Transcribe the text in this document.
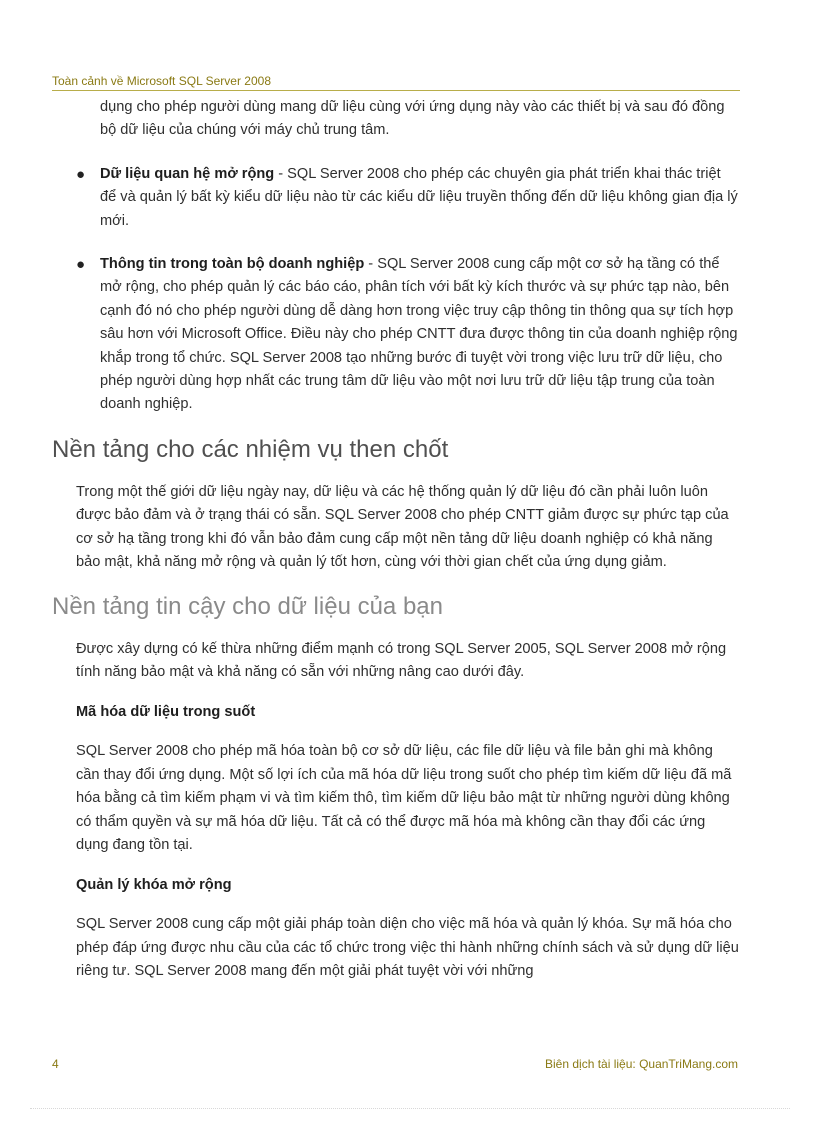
Toàn cảnh về Microsoft SQL Server 2008

dụng cho phép người dùng mang dữ liệu cùng với ứng dụng này vào các thiết bị và sau đó đồng bộ dữ liệu của chúng với máy chủ trung tâm.

● Dữ liệu quan hệ mở rộng - SQL Server 2008 cho phép các chuyên gia phát triển khai thác triệt để và quản lý bất kỳ kiểu dữ liệu nào từ các kiểu dữ liệu truyền thống đến dữ liệu không gian địa lý mới.

● Thông tin trong toàn bộ doanh nghiệp - SQL Server 2008 cung cấp một cơ sở hạ tầng có thể mở rộng, cho phép quản lý các báo cáo, phân tích với bất kỳ kích thước và sự phức tạp nào, bên cạnh đó nó cho phép người dùng dễ dàng hơn trong việc truy cập thông tin thông qua sự tích hợp sâu hơn với Microsoft Office. Điều này cho phép CNTT đưa được thông tin của doanh nghiệp rộng khắp trong tổ chức. SQL Server 2008 tạo những bước đi tuyệt vời trong việc lưu trữ dữ liệu, cho phép người dùng hợp nhất các trung tâm dữ liệu vào một nơi lưu trữ dữ liệu tập trung của toàn doanh nghiệp.

Nền tảng cho các nhiệm vụ then chốt

Trong một thế giới dữ liệu ngày nay, dữ liệu và các hệ thống quản lý dữ liệu đó cần phải luôn luôn được bảo đảm và ở trạng thái có sẵn. SQL Server 2008 cho phép CNTT giảm được sự phức tạp của cơ sở hạ tầng trong khi đó vẫn bảo đảm cung cấp một nền tảng dữ liệu doanh nghiệp có khả năng bảo mật, khả năng mở rộng và quản lý tốt hơn, cùng với thời gian chết của ứng dụng giảm.

Nền tảng tin cậy cho dữ liệu của bạn

Được xây dựng có kế thừa những điểm mạnh có trong SQL Server 2005, SQL Server 2008 mở rộng tính năng bảo mật và khả năng có sẵn với những nâng cao dưới đây.

Mã hóa dữ liệu trong suốt

SQL Server 2008 cho phép mã hóa toàn bộ cơ sở dữ liệu, các file dữ liệu và file bản ghi mà không cần thay đổi ứng dụng. Một số lợi ích của mã hóa dữ liệu trong suốt cho phép tìm kiếm dữ liệu đã mã hóa bằng cả tìm kiếm phạm vi và tìm kiếm thô, tìm kiếm dữ liệu bảo mật từ những người dùng không có thẩm quyền và sự mã hóa dữ liệu. Tất cả có thể được mã hóa mà không cần thay đổi các ứng dụng đang tồn tại.

Quản lý khóa mở rộng

SQL Server 2008 cung cấp một giải pháp toàn diện cho việc mã hóa và quản lý khóa. Sự mã hóa cho phép đáp ứng được nhu cầu của các tổ chức trong việc thi hành những chính sách và sử dụng dữ liệu riêng tư. SQL Server 2008 mang đến một giải phát tuyệt vời với những

4	Biên dịch tài liệu: QuanTriMang.com
